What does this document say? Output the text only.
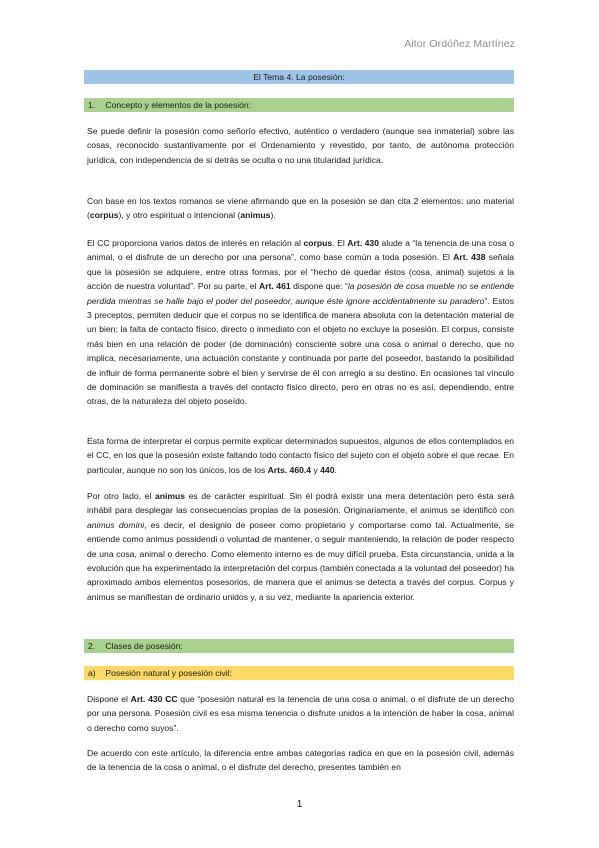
Aitor Ordóñez Martínez
El Tema 4. La posesión:
1. Concepto y elementos de la posesión:

Se puede definir la posesión como señorío efectivo, auténtico o verdadero (aunque sea inmaterial) sobre las cosas, reconocido sustantivamente por el Ordenamiento y revestido, por tanto, de autónoma protección jurídica, con independencia de si detrás se oculta o no una titularidad jurídica.

Con base en los textos romanos se viene afirmando que en la posesión se dan cita 2 elementos: uno material (corpus), y otro espiritual o intencional (animus).

El CC proporciona varios datos de interés en relación al corpus. El Art. 430 alude a “la tenencia de una cosa o animal, o el disfrute de un derecho por una persona”, como base común a toda posesión. El Art. 438 señala que la posesión se adquiere, entre otras formas, por el “hecho de quedar éstos (cosa, animal) sujetos a la acción de nuestra voluntad”. Por su parte, el Art. 461 dispone que: “la posesión de cosa mueble no se entiende perdida mientras se halle bajo el poder del poseedor, aunque éste ignore accidentalmente su paradero”. Estos 3 preceptos, permiten deducir que el corpus no se identifica de manera absoluta con la detentación material de un bien; la falta de contacto físico, directo o inmediato con el objeto no excluye la posesión. El corpus, consiste más bien en una relación de poder (de dominación) consciente sobre una cosa o animal o derecho, que no implica, necesariamente, una actuación constante y continuada por parte del poseedor, bastando la posibilidad de influir de forma permanente sobre el bien y servirse de él con arreglo a su destino. En ocasiones tal vínculo de dominación se manifiesta a través del contacto físico directo, pero en otras no es así, dependiendo, entre otras, de la naturaleza del objeto poseído.

Esta forma de interpretar el corpus permite explicar determinados supuestos, algunos de ellos contemplados en el CC, en los que la posesión existe faltando todo contacto físico del sujeto con el objeto sobre el que recae. En particular, aunque no son los únicos, los de los Arts. 460.4 y 440.

Por otro lado, el animus es de carácter espiritual. Sin él podrá existir una mera detentación pero ésta será inhábil para desplegar las consecuencias propias de la posesión. Originariamente, el animus se identificó con animus domini, es decir, el designio de poseer como propietario y comportarse como tal. Actualmente, se entiende como animus possidendi o voluntad de mantener, o seguir manteniendo, la relación de poder respecto de una cosa, animal o derecho. Como elemento interno es de muy difícil prueba. Esta circunstancia, unida a la evolución que ha experimentado la interpretación del corpus (también conectada a la voluntad del poseedor) ha aproximado ambos elementos posesorios, de manera que el animus se detecta a través del corpus. Corpus y animus se manifiestan de ordinario unidos y, a su vez, mediante la apariencia exterior.

2. Clases de posesión:
a) Posesión natural y posesión civil:

Dispone el Art. 430 CC que “posesión natural es la tenencia de una cosa o animal, o el disfrute de un derecho por una persona. Posesión civil es esa misma tenencia o disfrute unidos a la intención de haber la cosa, animal o derecho como suyos”.

De acuerdo con este artículo, la diferencia entre ambas categorías radica en que en la posesión civil, además de la tenencia de la cosa o animal, o el disfrute del derecho, presentes también en

1
